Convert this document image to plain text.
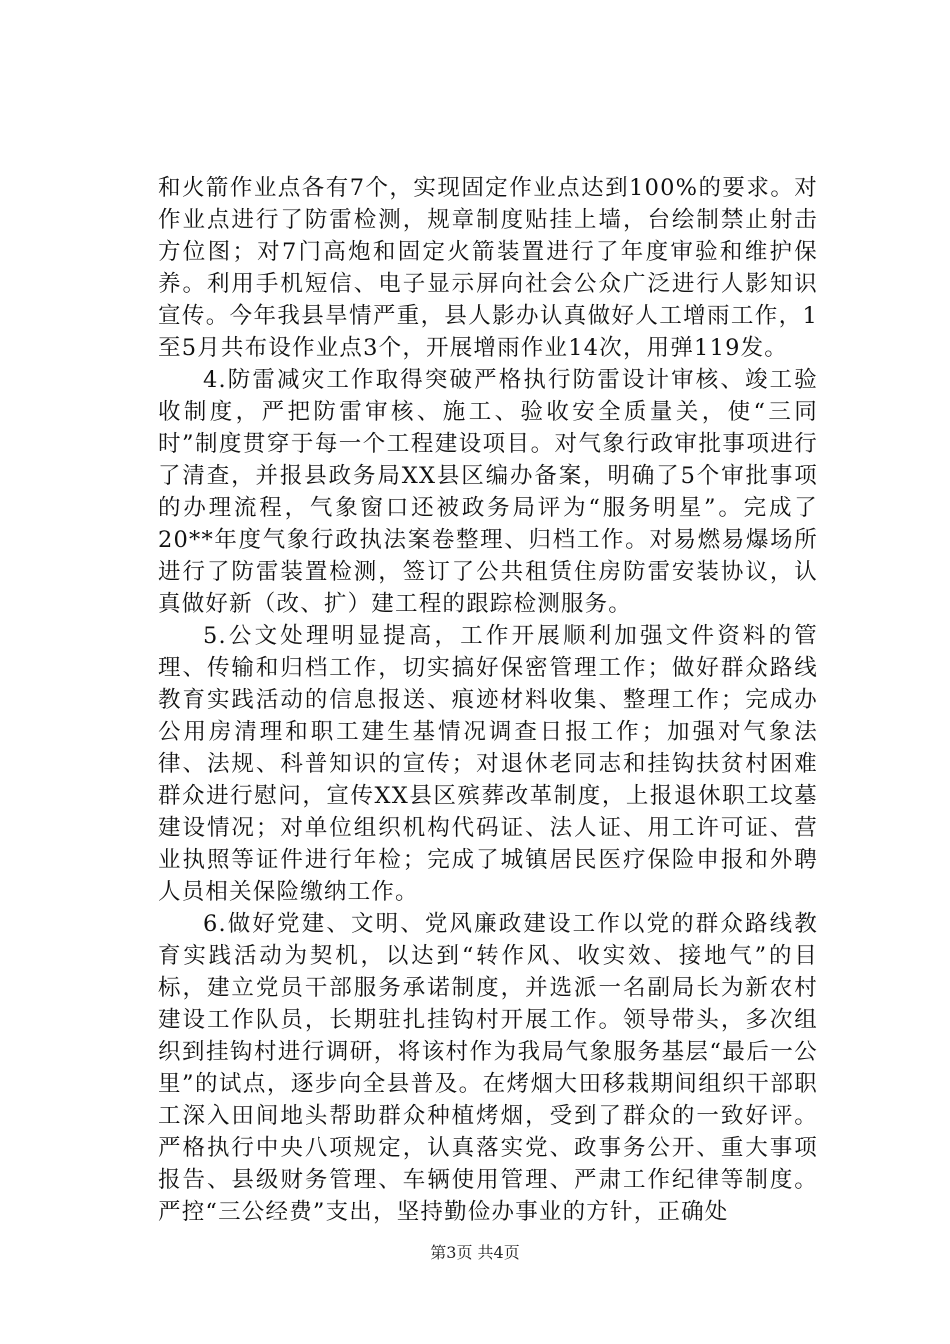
和火箭作业点各有7个，实现固定作业点达到100%的要求。对作业点进行了防雷检测，规章制度贴挂上墙，台绘制禁止射击方位图；对7门高炮和固定火箭装置进行了年度审验和维护保养。利用手机短信、电子显示屏向社会公众广泛进行人影知识宣传。今年我县旱情严重，县人影办认真做好人工增雨工作，1至5月共布设作业点3个，开展增雨作业14次，用弹119发。

4.防雷减灾工作取得突破严格执行防雷设计审核、竣工验收制度，严把防雷审核、施工、验收安全质量关，使“三同时”制度贯穿于每一个工程建设项目。对气象行政审批事项进行了清查，并报县政务局XX县区编办备案，明确了5个审批事项的办理流程，气象窗口还被政务局评为“服务明星”。完成了20**年度气象行政执法案卷整理、归档工作。对易燃易爆场所进行了防雷装置检测，签订了公共租赁住房防雷安装协议，认真做好新（改、扩）建工程的跟踪检测服务。

5.公文处理明显提高，工作开展顺利加强文件资料的管理、传输和归档工作，切实搞好保密管理工作；做好群众路线教育实践活动的信息报送、痕迹材料收集、整理工作；完成办公用房清理和职工建生基情况调查日报工作；加强对气象法律、法规、科普知识的宣传；对退休老同志和挂钩扶贫村困难群众进行慰问，宣传XX县区殡葬改革制度，上报退休职工坟墓建设情况；对单位组织机构代码证、法人证、用工许可证、营业执照等证件进行年检；完成了城镇居民医疗保险申报和外聘人员相关保险缴纳工作。

6.做好党建、文明、党风廉政建设工作以党的群众路线教育实践活动为契机，以达到“转作风、收实效、接地气”的目标，建立党员干部服务承诺制度，并选派一名副局长为新农村建设工作队员，长期驻扎挂钩村开展工作。领导带头，多次组织到挂钩村进行调研，将该村作为我局气象服务基层“最后一公里”的试点，逐步向全县普及。在烤烟大田移栽期间组织干部职工深入田间地头帮助群众种植烤烟，受到了群众的一致好评。严格执行中央八项规定，认真落实党、政事务公开、重大事项报告、县级财务管理、车辆使用管理、严肃工作纪律等制度。严控“三公经费”支出，坚持勤俭办事业的方针，正确处

第3页 共4页
